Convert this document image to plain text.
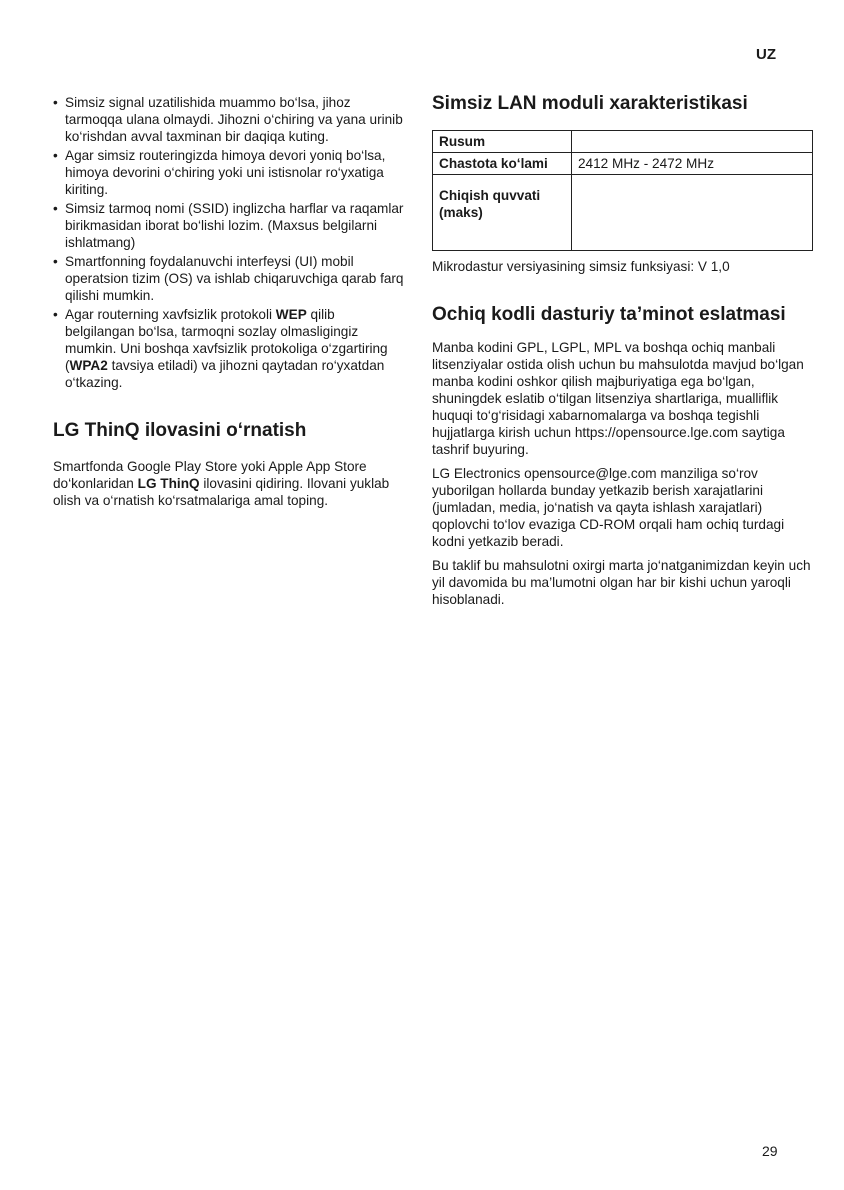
UZ
• Simsiz signal uzatilishida muammo bo‘lsa, jihoz tarmoqqa ulana olmaydi. Jihozni o‘chiring va yana urinib ko‘rishdan avval taxminan bir daqiqa kuting.
• Agar simsiz routeringizda himoya devori yoniq bo‘lsa, himoya devorini o‘chiring yoki uni istisnolar ro‘yxatiga kiriting.
• Simsiz tarmoq nomi (SSID) inglizcha harflar va raqamlar birikmasidan iborat bo‘lishi lozim. (Maxsus belgilarni ishlatmang)
• Smartfonning foydalanuvchi interfeysi (UI) mobil operatsion tizim (OS) va ishlab chiqaruvchiga qarab farq qilishi mumkin.
• Agar routerning xavfsizlik protokoli WEP qilib belgilangan bo‘lsa, tarmoqni sozlay olmasligingiz mumkin. Uni boshqa xavfsizlik protokoliga o‘zgartiring (WPA2 tavsiya etiladi) va jihozni qaytadan ro‘yxatdan o‘tkazing.
LG ThinQ ilovasini o‘rnatish

Smartfonda Google Play Store yoki Apple App Store do‘konlaridan LG ThinQ ilovasini qidiring. Ilovani yuklab olish va o‘rnatish ko‘rsatmalariga amal toping.

Simsiz LAN moduli xarakteristikasi
Rusum	
Chastota ko‘lami	2412 MHz - 2472 MHz
Chiqish quvvati (maks)	

Mikrodastur versiyasining simsiz funksiyasi: V 1,0

Ochiq kodli dasturiy ta’minot eslatmasi

Manba kodini GPL, LGPL, MPL va boshqa ochiq manbali litsenziyalar ostida olish uchun bu mahsulotda mavjud bo‘lgan manba kodini oshkor qilish majburiyatiga ega bo‘lgan, shuningdek eslatib o‘tilgan litsenziya shartlariga, mualliflik huquqi to‘g‘risidagi xabarnomalarga va boshqa tegishli hujjatlarga kirish uchun https://opensource.lge.com saytiga tashrif buyuring.

LG Electronics opensource@lge.com manziliga so‘rov yuborilgan hollarda bunday yetkazib berish xarajatlarini (jumladan, media, jo‘natish va qayta ishlash xarajatlari) qoplovchi to‘lov evaziga CD-ROM orqali ham ochiq turdagi kodni yetkazib beradi.

Bu taklif bu mahsulotni oxirgi marta jo‘natganimizdan keyin uch yil davomida bu ma’lumotni olgan har bir kishi uchun yaroqli hisoblanadi.

29
